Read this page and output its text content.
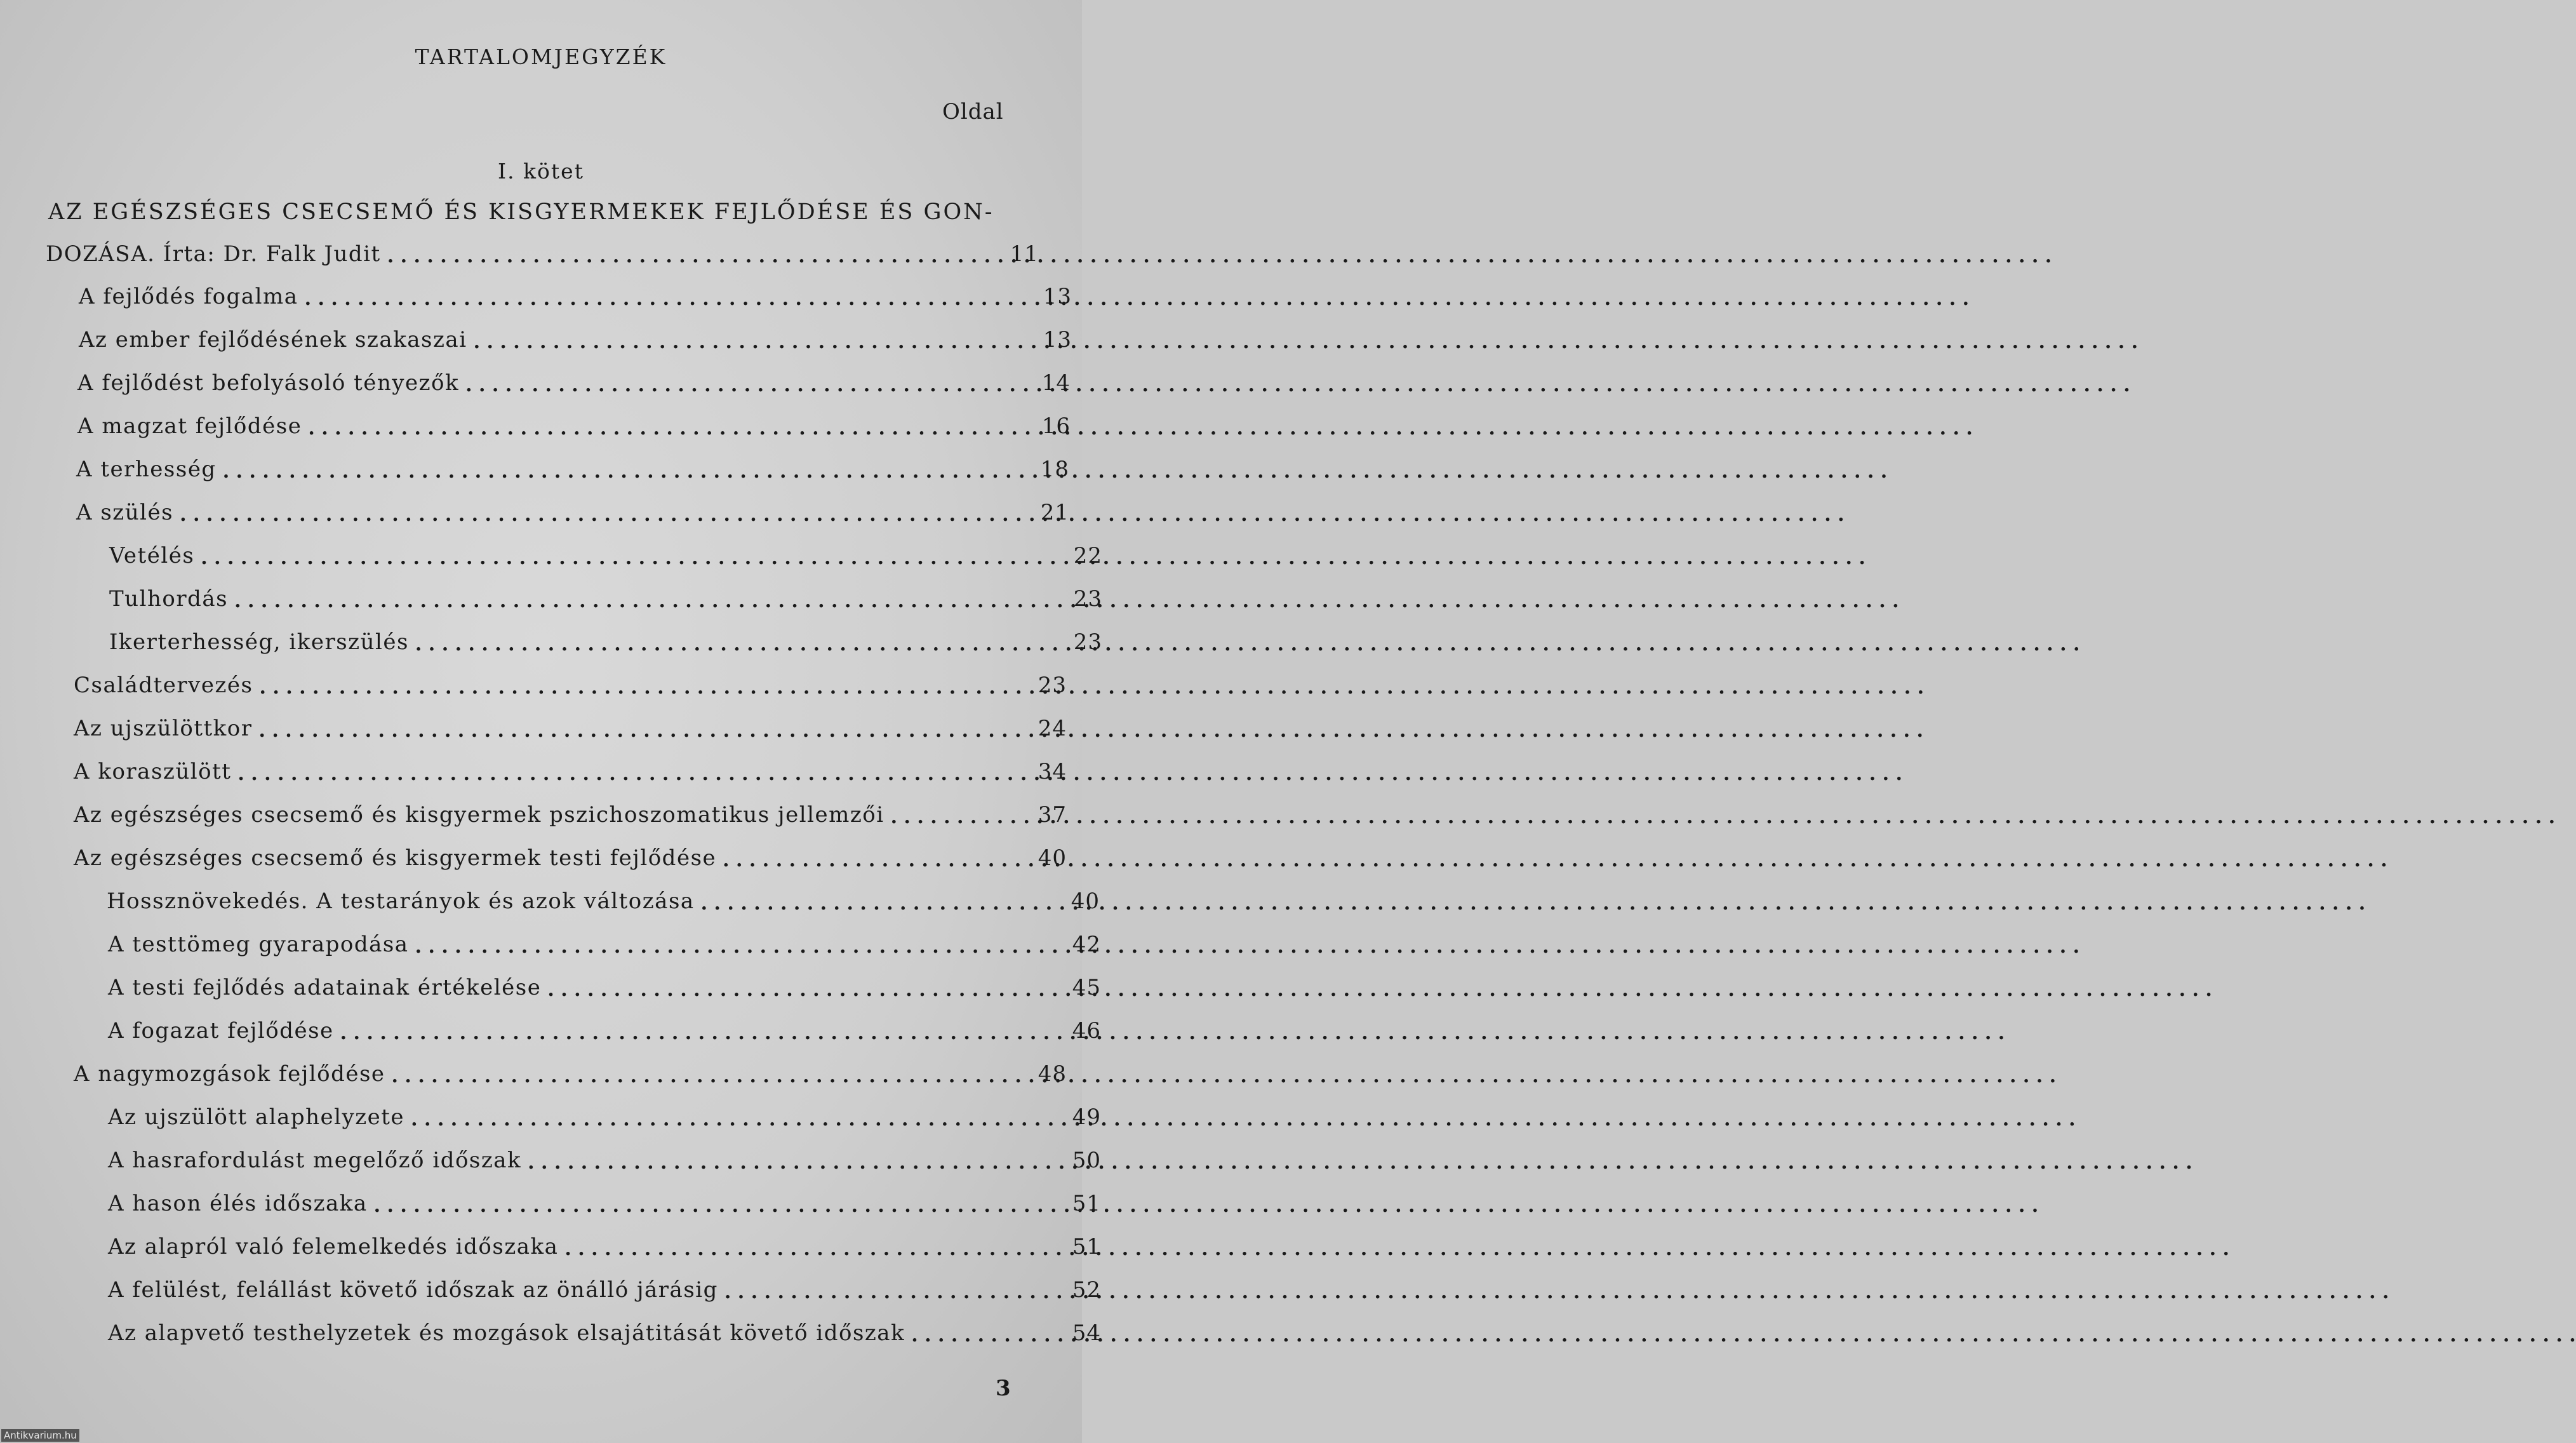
TARTALOMJEGYZÉK
Oldal
I. kötet
AZ EGÉSZSÉGES CSECSEMŐ ÉS KISGYERMEKEK FEJLŐDÉSE ÉS GON-
DOZÁSA. Írta: Dr. Falk Judit . . .	11
A fejlődés fogalma . . .	13
Az ember fejlődésének szakaszai . . .	13
A fejlődést befolyásoló tényezők . . .	14
A magzat fejlődése . . .	16
A terhesség . . .	18
A szülés . . .	21
Vetélés . . .	22
Tulhordás . . .	23
Ikerterhesség, ikerszülés . . .	23
Családtervezés . . .	23
Az ujszülöttkor . . .	24
A koraszülött . . .	34
Az egészséges csecsemő és kisgyermek pszichoszomatikus jellemzői . . .	37
Az egészséges csecsemő és kisgyermek testi fejlődése . . .	40
Hossznövekedés. A testarányok és azok változása . . .	40
A testtömeg gyarapodása . . .	42
A testi fejlődés adatainak értékelése . . .	45
A fogazat fejlődése . . .	46
A nagymozgások fejlődése . . .	48
Az ujszülött alaphelyzete . . .	49
A hasrafordulást megelőző időszak . . .	50
A hason élés időszaka . . .	51
Az alapról való felemelkedés időszaka . . .	51
A felülést, felállást követő időszak az önálló járásig . . .	52
Az alapvető testhelyzetek és mozgások elsajátitását követő időszak . . .	54
3
Antikvarium.hu
